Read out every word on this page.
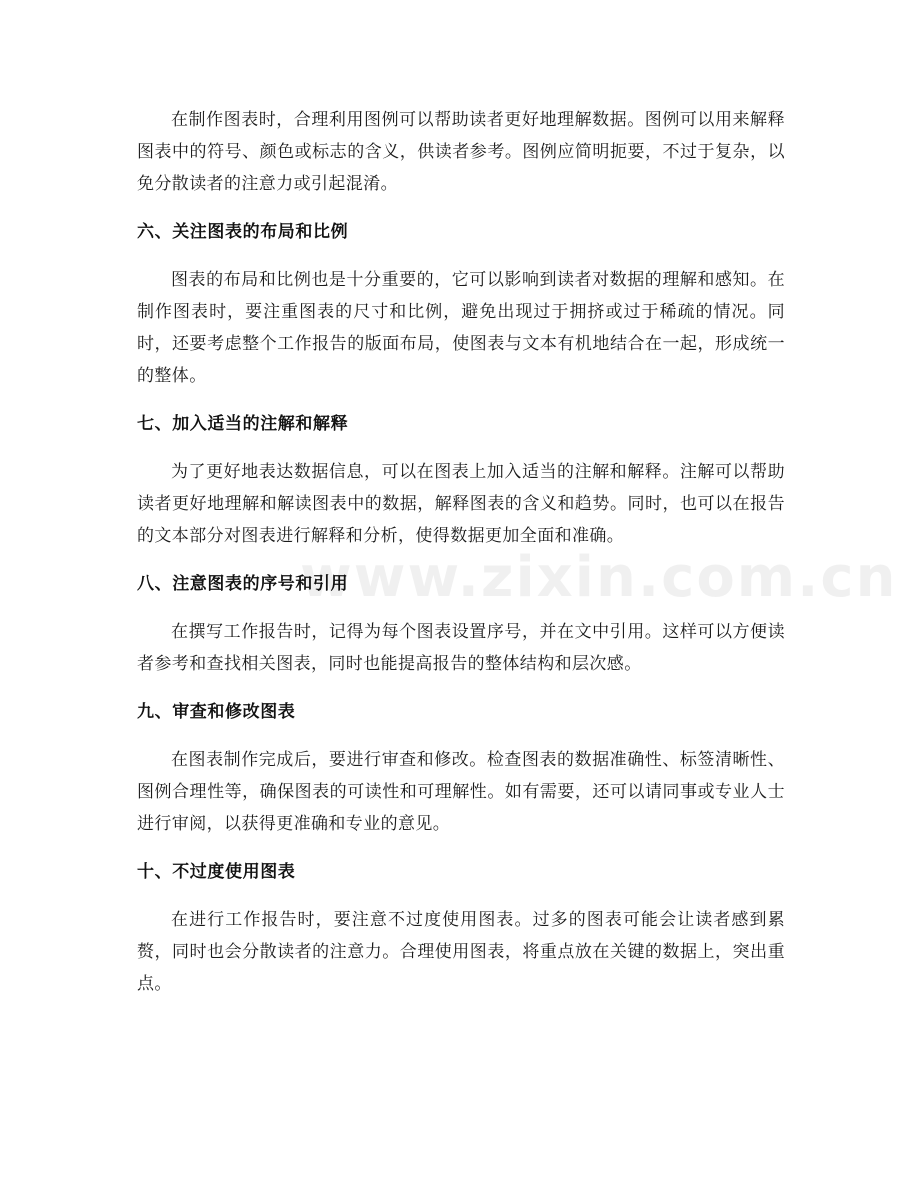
在制作图表时，合理利用图例可以帮助读者更好地理解数据。图例可以用来解释图表中的符号、颜色或标志的含义，供读者参考。图例应简明扼要，不过于复杂，以免分散读者的注意力或引起混淆。

六、关注图表的布局和比例

图表的布局和比例也是十分重要的，它可以影响到读者对数据的理解和感知。在制作图表时，要注重图表的尺寸和比例，避免出现过于拥挤或过于稀疏的情况。同时，还要考虑整个工作报告的版面布局，使图表与文本有机地结合在一起，形成统一的整体。

七、加入适当的注解和解释

为了更好地表达数据信息，可以在图表上加入适当的注解和解释。注解可以帮助读者更好地理解和解读图表中的数据，解释图表的含义和趋势。同时，也可以在报告的文本部分对图表进行解释和分析，使得数据更加全面和准确。

八、注意图表的序号和引用

在撰写工作报告时，记得为每个图表设置序号，并在文中引用。这样可以方便读者参考和查找相关图表，同时也能提高报告的整体结构和层次感。

九、审查和修改图表

在图表制作完成后，要进行审查和修改。检查图表的数据准确性、标签清晰性、图例合理性等，确保图表的可读性和可理解性。如有需要，还可以请同事或专业人士进行审阅，以获得更准确和专业的意见。

十、不过度使用图表

在进行工作报告时，要注意不过度使用图表。过多的图表可能会让读者感到累赘，同时也会分散读者的注意力。合理使用图表，将重点放在关键的数据上，突出重点。

www.zixin.com.cn
